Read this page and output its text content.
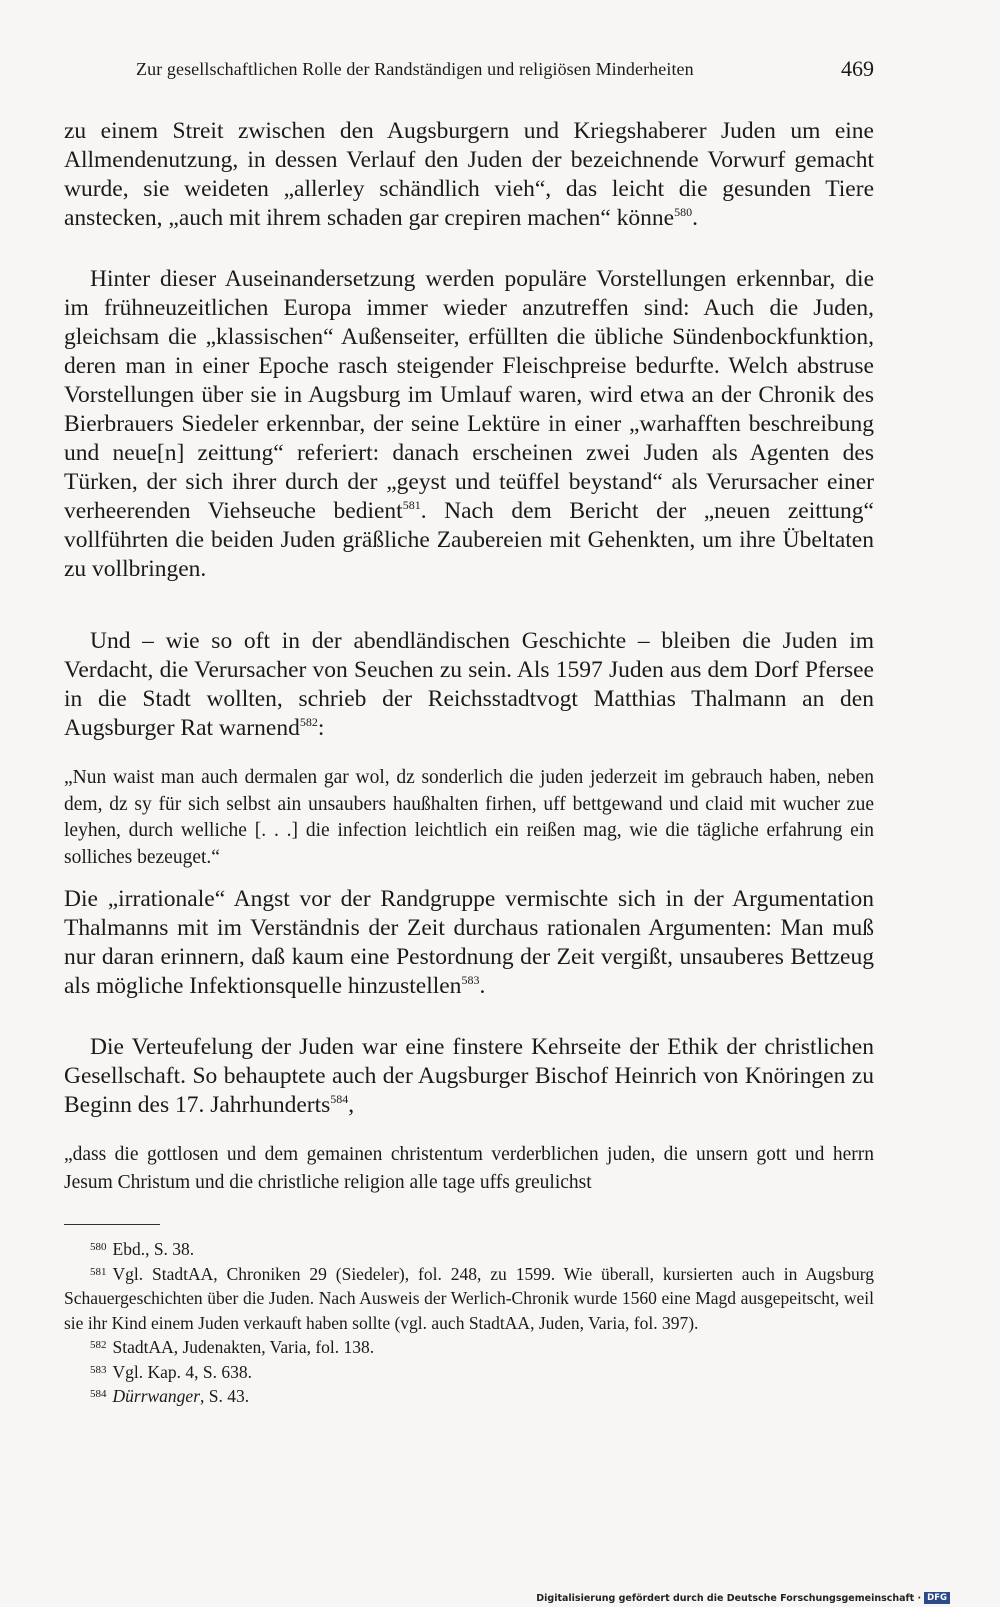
Zur gesellschaftlichen Rolle der Randständigen und religiösen Minderheiten	469
zu einem Streit zwischen den Augsburgern und Kriegshaberer Juden um eine Allmendenutzung, in dessen Verlauf den Juden der bezeichnende Vorwurf gemacht wurde, sie weideten „allerley schändlich vieh“, das leicht die gesunden Tiere anstecken, „auch mit ihrem schaden gar crepiren machen“ könne$^{580}$.
Hinter dieser Auseinandersetzung werden populäre Vorstellungen erkennbar, die im frühneuzeitlichen Europa immer wieder anzutreffen sind: Auch die Juden, gleichsam die „klassischen“ Außenseiter, erfüllten die übliche Sündenbockfunktion, deren man in einer Epoche rasch steigender Fleischpreise bedurfte. Welch abstruse Vorstellungen über sie in Augsburg im Umlauf waren, wird etwa an der Chronik des Bierbrauers Siedeler erkennbar, der seine Lektüre in einer „warhafften beschreibung und neue[n] zeittung“ referiert: danach erscheinen zwei Juden als Agenten des Türken, der sich ihrer durch der „geyst und teüffel beystand“ als Verursacher einer verheerenden Viehseuche bedient$^{581}$. Nach dem Bericht der „neuen zeittung“ vollführten die beiden Juden gräßliche Zaubereien mit Gehenkten, um ihre Übeltaten zu vollbringen.
Und – wie so oft in der abendländischen Geschichte – bleiben die Juden im Verdacht, die Verursacher von Seuchen zu sein. Als 1597 Juden aus dem Dorf Pfersee in die Stadt wollten, schrieb der Reichsstadtvogt Matthias Thalmann an den Augsburger Rat warnend$^{582}$:
„Nun waist man auch dermalen gar wol, dz sonderlich die juden jederzeit im gebrauch haben, neben dem, dz sy für sich selbst ain unsaubers haußhalten firhen, uff bettgewand und claid mit wucher zue leyhen, durch welliche [. . .] die infection leichtlich ein reißen mag, wie die tägliche erfahrung ein solliches bezeuget.“
Die „irrationale“ Angst vor der Randgruppe vermischte sich in der Argumentation Thalmanns mit im Verständnis der Zeit durchaus rationalen Argumenten: Man muß nur daran erinnern, daß kaum eine Pestordnung der Zeit vergißt, unsauberes Bettzeug als mögliche Infektionsquelle hinzustellen$^{583}$.
Die Verteufelung der Juden war eine finstere Kehrseite der Ethik der christlichen Gesellschaft. So behauptete auch der Augsburger Bischof Heinrich von Knöringen zu Beginn des 17. Jahrhunderts$^{584}$,
„dass die gottlosen und dem gemainen christentum verderblichen juden, die unsern gott und herrn Jesum Christum und die christliche religion alle tage uffs greulichst

$^{580}$ Ebd., S. 38.

$^{581}$ Vgl. StadtAA, Chroniken 29 (Siedeler), fol. 248, zu 1599. Wie überall, kursierten auch in Augsburg Schauergeschichten über die Juden. Nach Ausweis der Werlich-Chronik wurde 1560 eine Magd ausgepeitscht, weil sie ihr Kind einem Juden verkauft haben sollte (vgl. auch StadtAA, Juden, Varia, fol. 397).

$^{582}$ StadtAA, Judenakten, Varia, fol. 138.

$^{583}$ Vgl. Kap. 4, S. 638.

$^{584}$ Dürrwanger, S. 43.

Digitalisierung gefördert durch die Deutsche Forschungsgemeinschaft · DFG
